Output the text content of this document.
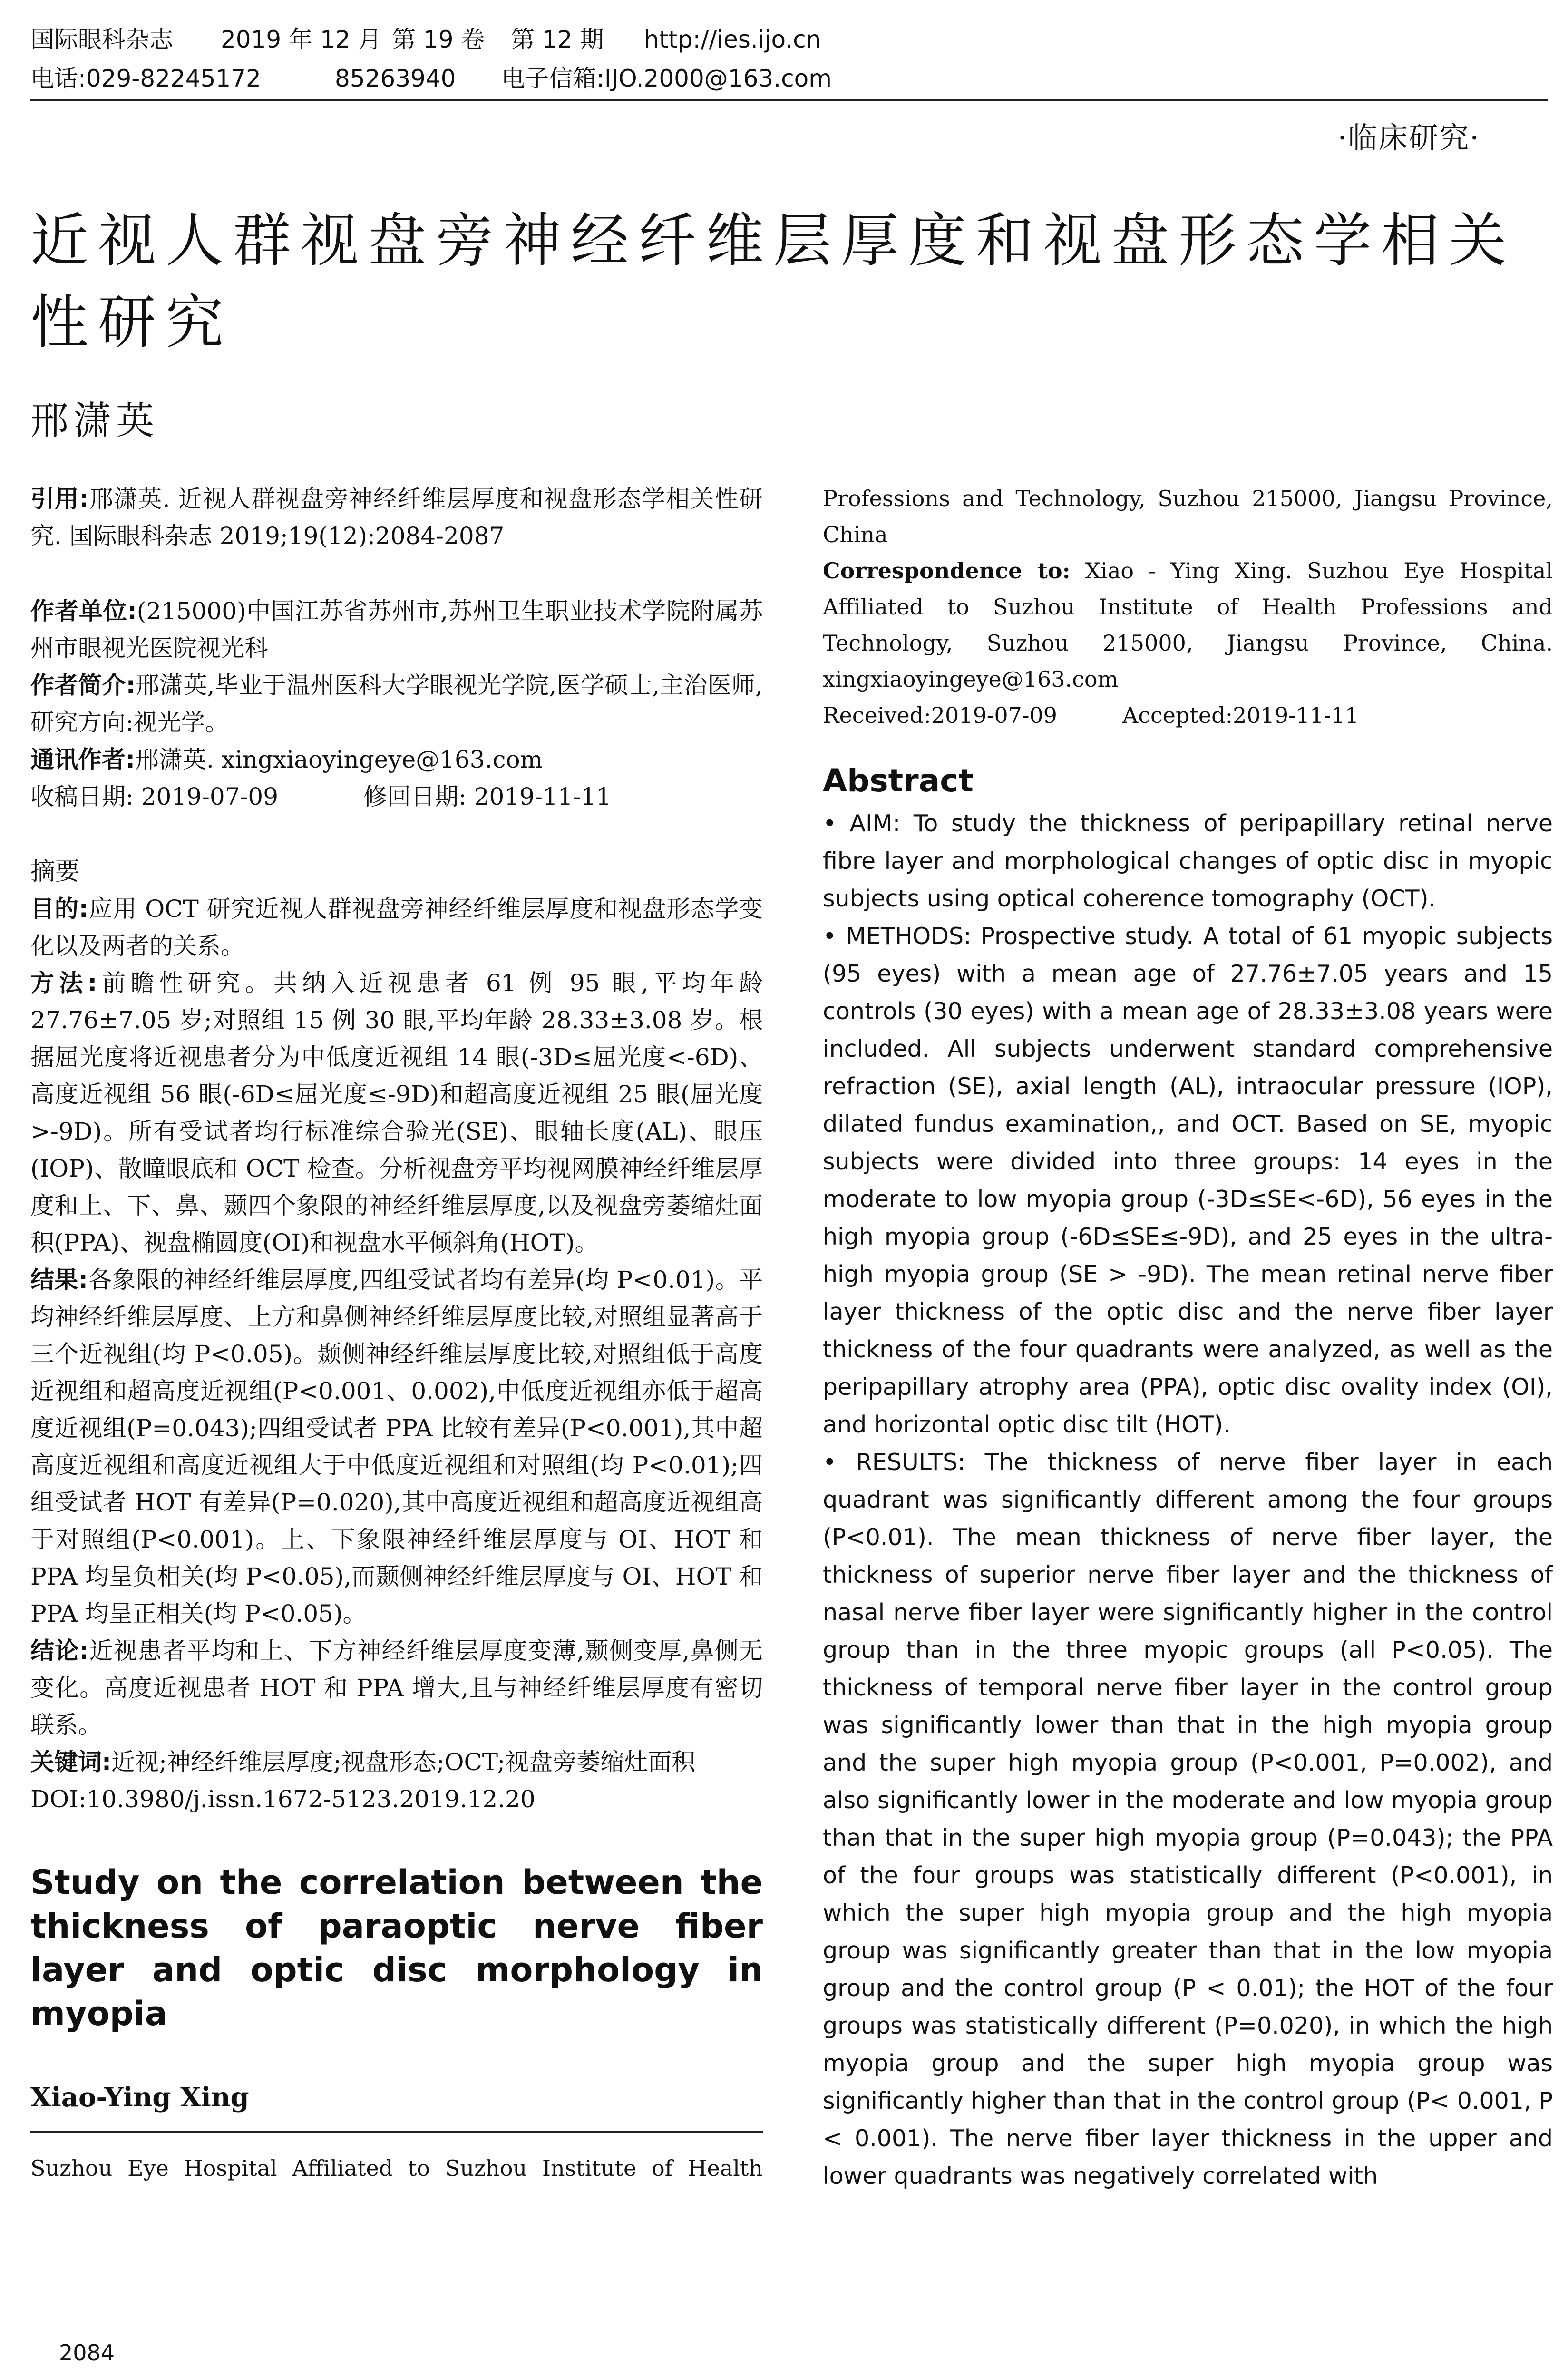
国际眼科杂志	2019 年 12 月 第 19 卷	第 12 期	http://ies.ijo.cn
电话:029-82245172	85263940	电子信箱:IJO.2000@163.com
·临床研究·
近视人群视盘旁神经纤维层厚度和视盘形态学相关性研究
邢潇英
引用:邢潇英. 近视人群视盘旁神经纤维层厚度和视盘形态学相关性研究. 国际眼科杂志 2019;19(12):2084-2087

作者单位:(215000)中国江苏省苏州市,苏州卫生职业技术学院附属苏州市眼视光医院视光科

作者简介:邢潇英,毕业于温州医科大学眼视光学院,医学硕士,主治医师,研究方向:视光学。

通讯作者:邢潇英. xingxiaoyingeye@163.com

收稿日期: 2019-07-09	修回日期: 2019-11-11

摘要

目的:应用 OCT 研究近视人群视盘旁神经纤维层厚度和视盘形态学变化以及两者的关系。

方法:前瞻性研究。共纳入近视患者 61 例 95 眼,平均年龄 27.76±7.05 岁;对照组 15 例 30 眼,平均年龄 28.33±3.08 岁。根据屈光度将近视患者分为中低度近视组 14 眼(-3D≤屈光度<-6D)、高度近视组 56 眼(-6D≤屈光度≤-9D)和超高度近视组 25 眼(屈光度>-9D)。所有受试者均行标准综合验光(SE)、眼轴长度(AL)、眼压(IOP)、散瞳眼底和 OCT 检查。分析视盘旁平均视网膜神经纤维层厚度和上、下、鼻、颞四个象限的神经纤维层厚度,以及视盘旁萎缩灶面积(PPA)、视盘椭圆度(OI)和视盘水平倾斜角(HOT)。

结果:各象限的神经纤维层厚度,四组受试者均有差异(均 P<0.01)。平均神经纤维层厚度、上方和鼻侧神经纤维层厚度比较,对照组显著高于三个近视组(均 P<0.05)。颞侧神经纤维层厚度比较,对照组低于高度近视组和超高度近视组(P<0.001、0.002),中低度近视组亦低于超高度近视组(P=0.043);四组受试者 PPA 比较有差异(P<0.001),其中超高度近视组和高度近视组大于中低度近视组和对照组(均 P<0.01);四组受试者 HOT 有差异(P=0.020),其中高度近视组和超高度近视组高于对照组(P<0.001)。上、下象限神经纤维层厚度与 OI、HOT 和 PPA 均呈负相关(均 P<0.05),而颞侧神经纤维层厚度与 OI、HOT 和 PPA 均呈正相关(均 P<0.05)。

结论:近视患者平均和上、下方神经纤维层厚度变薄,颞侧变厚,鼻侧无变化。高度近视患者 HOT 和 PPA 增大,且与神经纤维层厚度有密切联系。

关键词:近视;神经纤维层厚度;视盘形态;OCT;视盘旁萎缩灶面积

DOI:10.3980/j.issn.1672-5123.2019.12.20

Study on the correlation between the thickness of paraoptic nerve fiber layer and optic disc morphology in myopia
Xiao-Ying Xing
Suzhou Eye Hospital Affiliated to Suzhou Institute of Health

Professions and Technology, Suzhou 215000, Jiangsu Province, China

Correspondence to: Xiao - Ying Xing. Suzhou Eye Hospital Affiliated to Suzhou Institute of Health Professions and Technology, Suzhou 215000, Jiangsu Province, China. xingxiaoyingeye@163.com

Received:2019-07-09	Accepted:2019-11-11
Abstract

• AIM: To study the thickness of peripapillary retinal nerve fibre layer and morphological changes of optic disc in myopic subjects using optical coherence tomography (OCT).

• METHODS: Prospective study. A total of 61 myopic subjects (95 eyes) with a mean age of 27.76±7.05 years and 15 controls (30 eyes) with a mean age of 28.33±3.08 years were included. All subjects underwent standard comprehensive refraction (SE), axial length (AL), intraocular pressure (IOP), dilated fundus examination,, and OCT. Based on SE, myopic subjects were divided into three groups: 14 eyes in the moderate to low myopia group (-3D≤SE<-6D), 56 eyes in the high myopia group (-6D≤SE≤-9D), and 25 eyes in the ultra-high myopia group (SE > -9D). The mean retinal nerve fiber layer thickness of the optic disc and the nerve fiber layer thickness of the four quadrants were analyzed, as well as the peripapillary atrophy area (PPA), optic disc ovality index (OI), and horizontal optic disc tilt (HOT).

• RESULTS: The thickness of nerve fiber layer in each quadrant was significantly different among the four groups (P<0.01). The mean thickness of nerve fiber layer, the thickness of superior nerve fiber layer and the thickness of nasal nerve fiber layer were significantly higher in the control group than in the three myopic groups (all P<0.05). The thickness of temporal nerve fiber layer in the control group was significantly lower than that in the high myopia group and the super high myopia group (P<0.001, P=0.002), and also significantly lower in the moderate and low myopia group than that in the super high myopia group (P=0.043); the PPA of the four groups was statistically different (P<0.001), in which the super high myopia group and the high myopia group was significantly greater than that in the low myopia group and the control group (P < 0.01); the HOT of the four groups was statistically different (P=0.020), in which the high myopia group and the super high myopia group was significantly higher than that in the control group (P< 0.001, P < 0.001). The nerve fiber layer thickness in the upper and lower quadrants was negatively correlated with

2084
